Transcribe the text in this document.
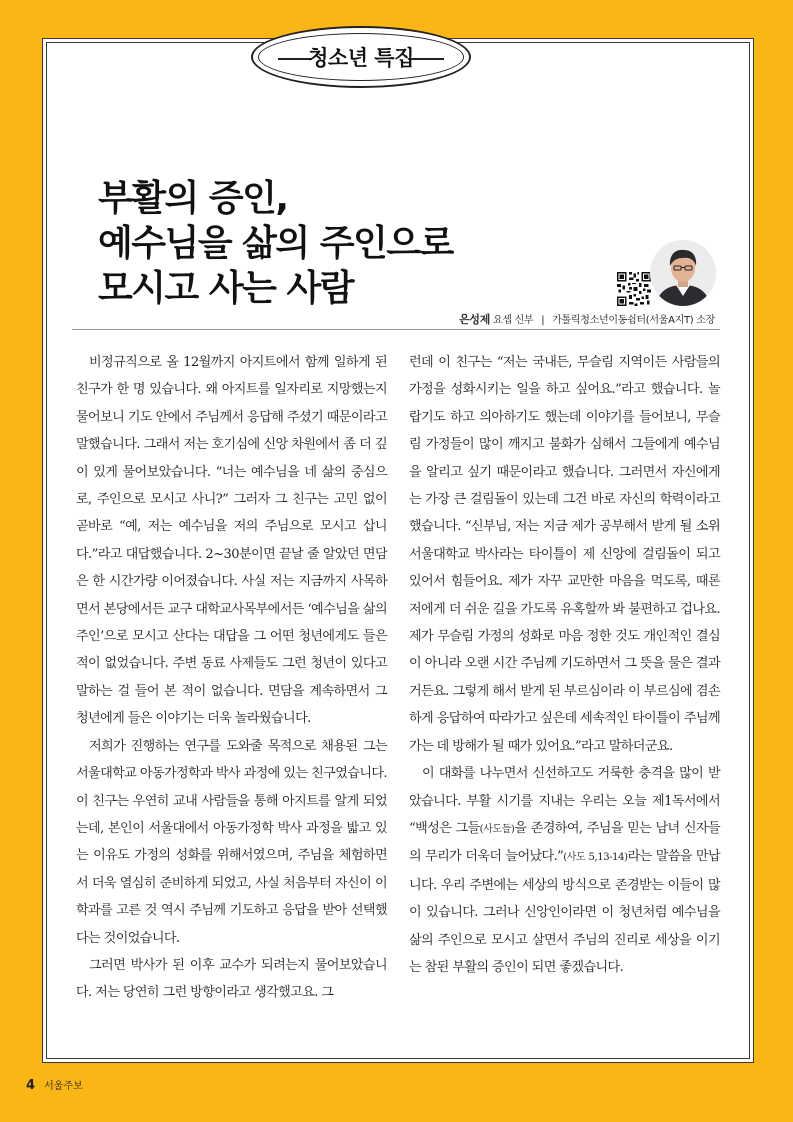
청소년 특집
부활의 증인,
예수님을 삶의 주인으로
모시고 사는 사람
은성제 요셉 신부 | 가톨릭청소년이동쉼터(서울A지T) 소장

비정규직으로 올 12월까지 아지트에서 함께 일하게 된 친구가 한 명 있습니다. 왜 아지트를 일자리로 지망했는지 물어보니 기도 안에서 주님께서 응답해 주셨기 때문이라고 말했습니다. 그래서 저는 호기심에 신앙 차원에서 좀 더 깊이 있게 물어보았습니다. “너는 예수님을 네 삶의 중심으로, 주인으로 모시고 사니?” 그러자 그 친구는 고민 없이 곧바로 “예, 저는 예수님을 저의 주님으로 모시고 삽니다.”라고 대답했습니다. 2~30분이면 끝날 줄 알았던 면담은 한 시간가량 이어졌습니다. 사실 저는 지금까지 사목하면서 본당에서든 교구 대학교사목부에서든 ‘예수님을 삶의 주인’으로 모시고 산다는 대답을 그 어떤 청년에게도 들은 적이 없었습니다. 주변 동료 사제들도 그런 청년이 있다고 말하는 걸 들어 본 적이 없습니다. 면담을 계속하면서 그 청년에게 들은 이야기는 더욱 놀라웠습니다.

저희가 진행하는 연구를 도와줄 목적으로 채용된 그는 서울대학교 아동가정학과 박사 과정에 있는 친구였습니다. 이 친구는 우연히 교내 사람들을 통해 아지트를 알게 되었는데, 본인이 서울대에서 아동가정학 박사 과정을 밟고 있는 이유도 가정의 성화를 위해서였으며, 주님을 체험하면서 더욱 열심히 준비하게 되었고, 사실 처음부터 자신이 이 학과를 고른 것 역시 주님께 기도하고 응답을 받아 선택했다는 것이었습니다.

그러면 박사가 된 이후 교수가 되려는지 물어보았습니다. 저는 당연히 그런 방향이라고 생각했고요. 그

런데 이 친구는 “저는 국내든, 무슬림 지역이든 사람들의 가정을 성화시키는 일을 하고 싶어요.”라고 했습니다. 놀랍기도 하고 의아하기도 했는데 이야기를 들어보니, 무슬림 가정들이 많이 깨지고 불화가 심해서 그들에게 예수님을 알리고 싶기 때문이라고 했습니다. 그러면서 자신에게는 가장 큰 걸림돌이 있는데 그건 바로 자신의 학력이라고 했습니다. “신부님, 저는 지금 제가 공부해서 받게 될 소위 서울대학교 박사라는 타이틀이 제 신앙에 걸림돌이 되고 있어서 힘들어요. 제가 자꾸 교만한 마음을 먹도록, 때론 저에게 더 쉬운 길을 가도록 유혹할까 봐 불편하고 겁나요. 제가 무슬림 가정의 성화로 마음 정한 것도 개인적인 결심이 아니라 오랜 시간 주님께 기도하면서 그 뜻을 물은 결과거든요. 그렇게 해서 받게 된 부르심이라 이 부르심에 겸손하게 응답하여 따라가고 싶은데 세속적인 타이틀이 주님께 가는 데 방해가 될 때가 있어요.”라고 말하더군요.

이 대화를 나누면서 신선하고도 거룩한 충격을 많이 받았습니다. 부활 시기를 지내는 우리는 오늘 제1독서에서 “백성은 그들(사도들)을 존경하여, 주님을 믿는 남녀 신자들의 무리가 더욱더 늘어났다.”(사도 5,13-14)라는 말씀을 만납니다. 우리 주변에는 세상의 방식으로 존경받는 이들이 많이 있습니다. 그러나 신앙인이라면 이 청년처럼 예수님을 삶의 주인으로 모시고 살면서 주님의 진리로 세상을 이기는 참된 부활의 증인이 되면 좋겠습니다.

4 서울주보
